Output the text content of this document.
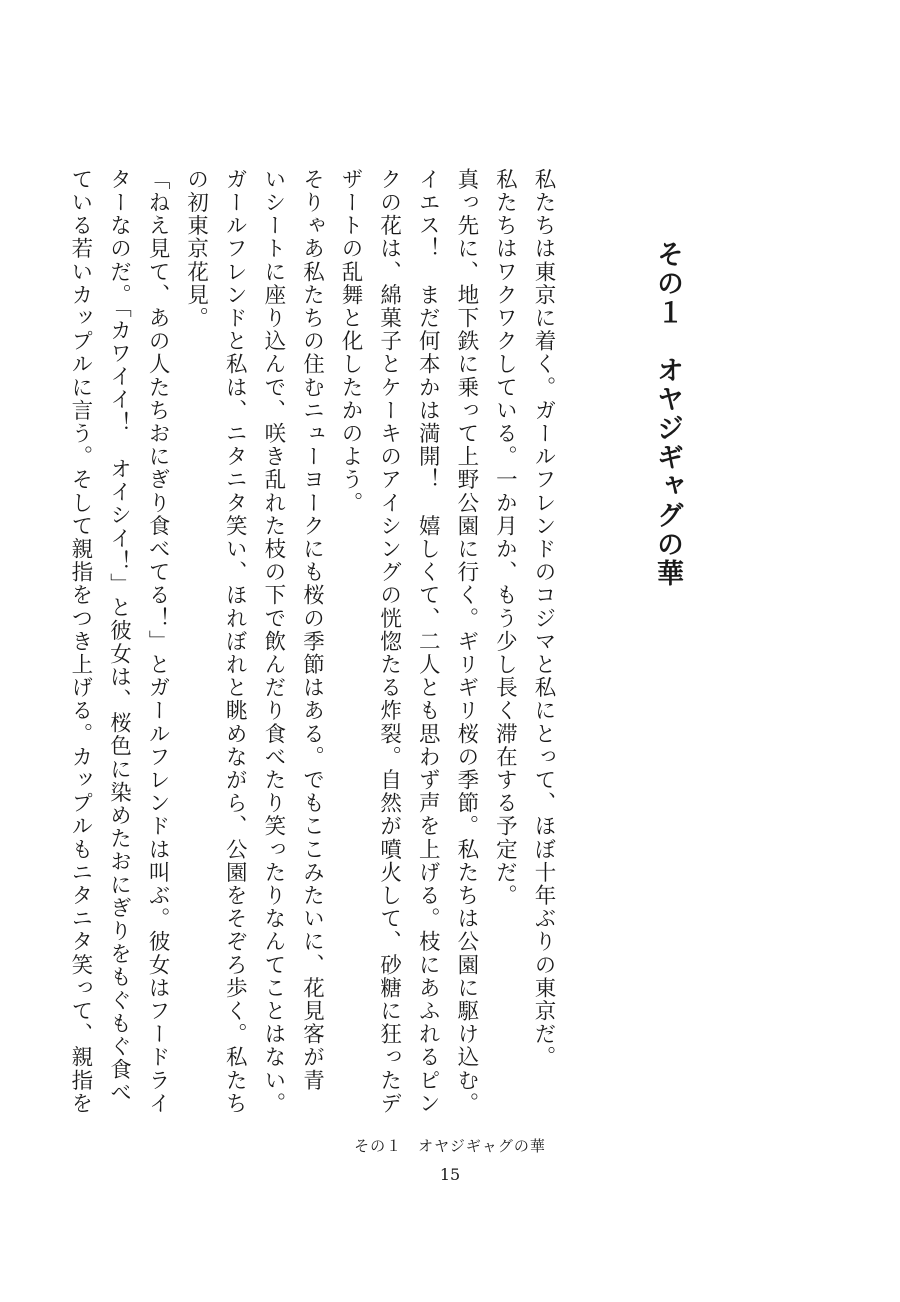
その１　オヤジギャグの華

私たちは東京に着く。ガールフレンドのコジマと私にとって、ほぼ十年ぶりの東京だ。

私たちはワクワクしている。一か月か、もう少し長く滞在する予定だ。

真っ先に、地下鉄に乗って上野公園に行く。ギリギリ桜の季節。私たちは公園に駆け込む。

イエス！　まだ何本かは満開！　嬉しくて、二人とも思わず声を上げる。枝にあふれるピン

クの花は、綿菓子とケーキのアイシングの恍惚たる炸裂。自然が噴火して、砂糖に狂ったデ

ザートの乱舞と化したかのよう。

そりゃあ私たちの住むニューヨークにも桜の季節はある。でもここみたいに、花見客が青

いシートに座り込んで、咲き乱れた枝の下で飲んだり食べたり笑ったりなんてことはない。

ガールフレンドと私は、ニタニタ笑い、ほれぼれと眺めながら、公園をそぞろ歩く。私たち

の初東京花見。

「ねえ見て、あの人たちおにぎり食べてる！」とガールフレンドは叫ぶ。彼女はフードライ

ターなのだ。「カワイイ！　オイシイ！」と彼女は、桜色に染めたおにぎりをもぐもぐ食べ

ている若いカップルに言う。そして親指をつき上げる。カップルもニタニタ笑って、親指を

その１　オヤジギャグの華
15
